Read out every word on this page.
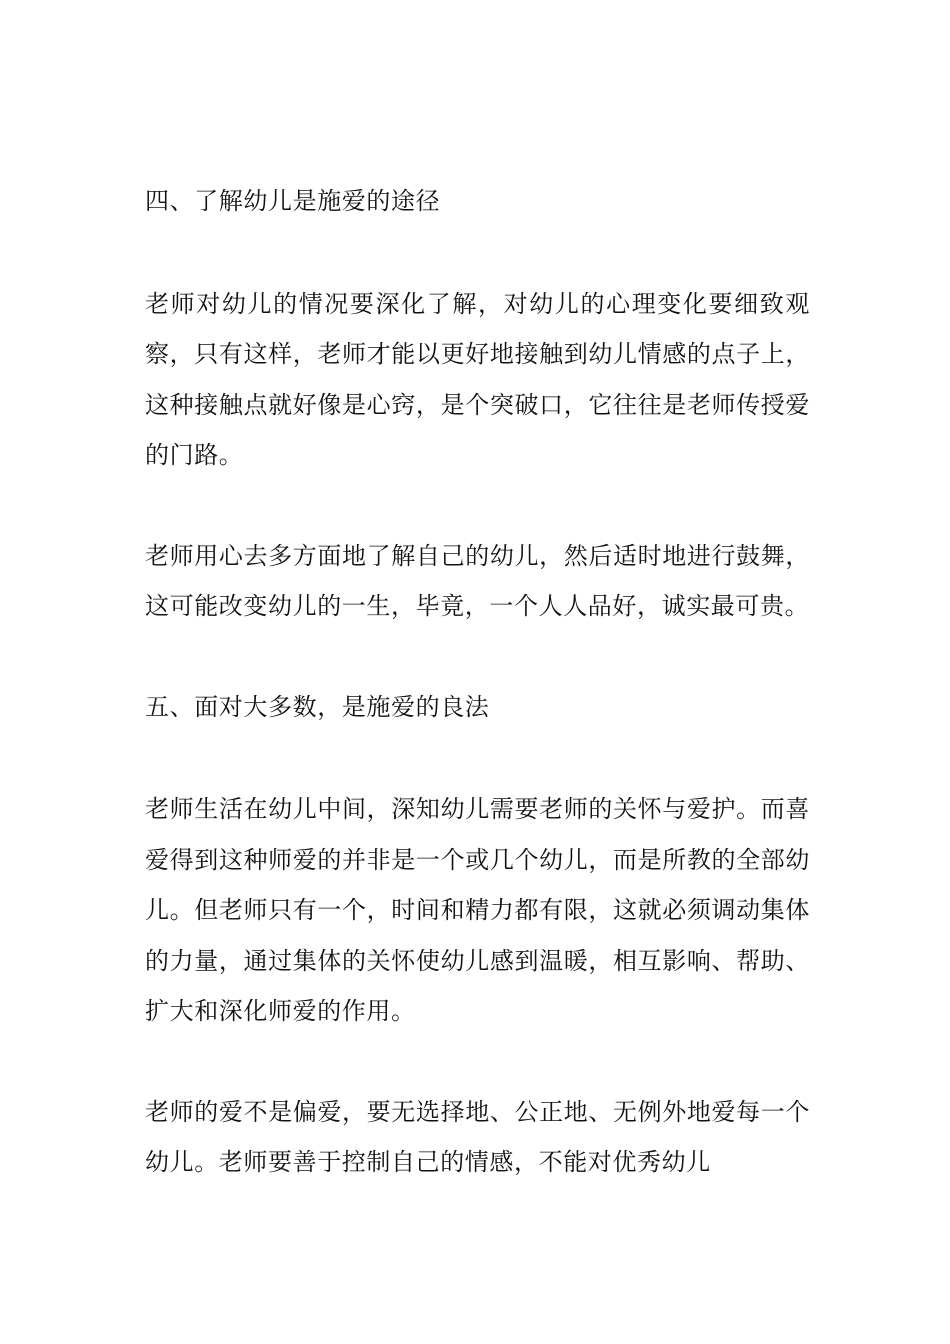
四、了解幼儿是施爱的途径

老师对幼儿的情况要深化了解，对幼儿的心理变化要细致观察，只有这样，老师才能以更好地接触到幼儿情感的点子上，这种接触点就好像是心窍，是个突破口，它往往是老师传授爱的门路。

老师用心去多方面地了解自己的幼儿，然后适时地进行鼓舞，这可能改变幼儿的一生，毕竟，一个人人品好，诚实最可贵。

五、面对大多数，是施爱的良法

老师生活在幼儿中间，深知幼儿需要老师的关怀与爱护。而喜爱得到这种师爱的并非是一个或几个幼儿，而是所教的全部幼儿。但老师只有一个，时间和精力都有限，这就必须调动集体的力量，通过集体的关怀使幼儿感到温暖，相互影响、帮助、扩大和深化师爱的作用。

老师的爱不是偏爱，要无选择地、公正地、无例外地爱每一个幼儿。老师要善于控制自己的情感，不能对优秀幼儿
